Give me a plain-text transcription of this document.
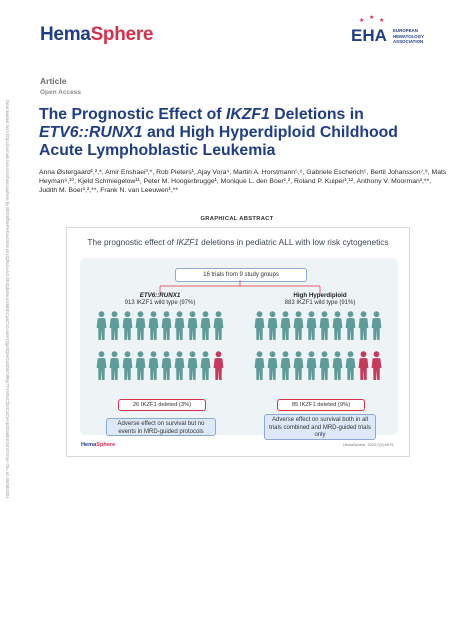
HemaSphere
★ ★ ★
EHA EUROPEAN HEMATOLOGY ASSOCIATION
Article
Open Access
Downloaded from http://journals.lww.com/hemasphere by BhDMf5ePHKav1zEoum1tQfN4a+kJLhEZgbsIHo4XMi0hCywCX1AWnYQp/IlQrHD3i3D0OdRyi7TvSFl4Cf3VC4/OAVpDDa8KKGKV0Ymy+78= on 05/08/2024 The Prognostic Effect of IKZF1 Deletions in
ETV6::RUNX1 and High Hyperdiploid Childhood
Acute Lymphoblastic Leukemia
Anna Østergaard¹,²,*, Amir Enshaei³,*, Rob Pieters¹, Ajay Vora⁴, Martin A. Horstmann⁵,⁶, Gabriele Escherich⁵, Bertil Johansson⁷,⁸, Mats Heyman⁹,¹⁰, Kjeld Schmiegelow¹¹, Peter M. Hoogerbrugge¹, Monique L. den Boer¹,², Roland P. Kuiper¹,¹², Anthony V. Moorman³,**, Judith M. Boer¹,²,**, Frank N. van Leeuwen¹,**
GRAPHICAL ABSTRACT
The prognostic effect of IKZF1 deletions in pediatric ALL with low risk cytogenetics
16 trials from 9 study groups
ETV6::RUNX1
913 IKZF1 wild type (97%)
26 IKZF1 deleted (3%)
Adverse effect on survival but no events in MRD-guided protocols
High Hyperdiploid
883 IKZF1 wild type (91%)
85 IKZF1 deleted (9%)
Adverse effect on survival both in all trials combined and MRD-guided trials only
HemaSphere	HemaSphere. 2023;7(3):e875.
